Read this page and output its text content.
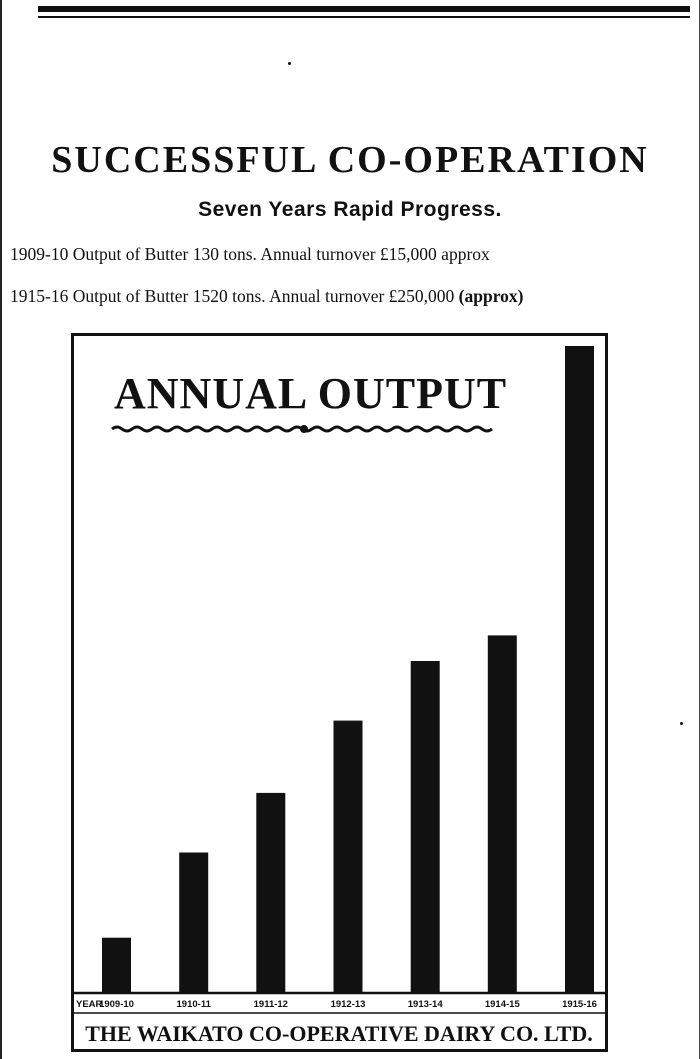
SUCCESSFUL CO-OPERATION
Seven Years Rapid Progress.
1909-10 Output of Butter 130 tons. Annual turnover £15,000 approx
1915-16 Output of Butter 1520 tons. Annual turnover £250,000 (approx)
ANNUAL OUTPUT
YEAR
1909-10	1910-11	1911-12	1912-13	1913-14	1914-15	1915-16
THE WAIKATO CO-OPERATIVE DAIRY CO. LTD.
